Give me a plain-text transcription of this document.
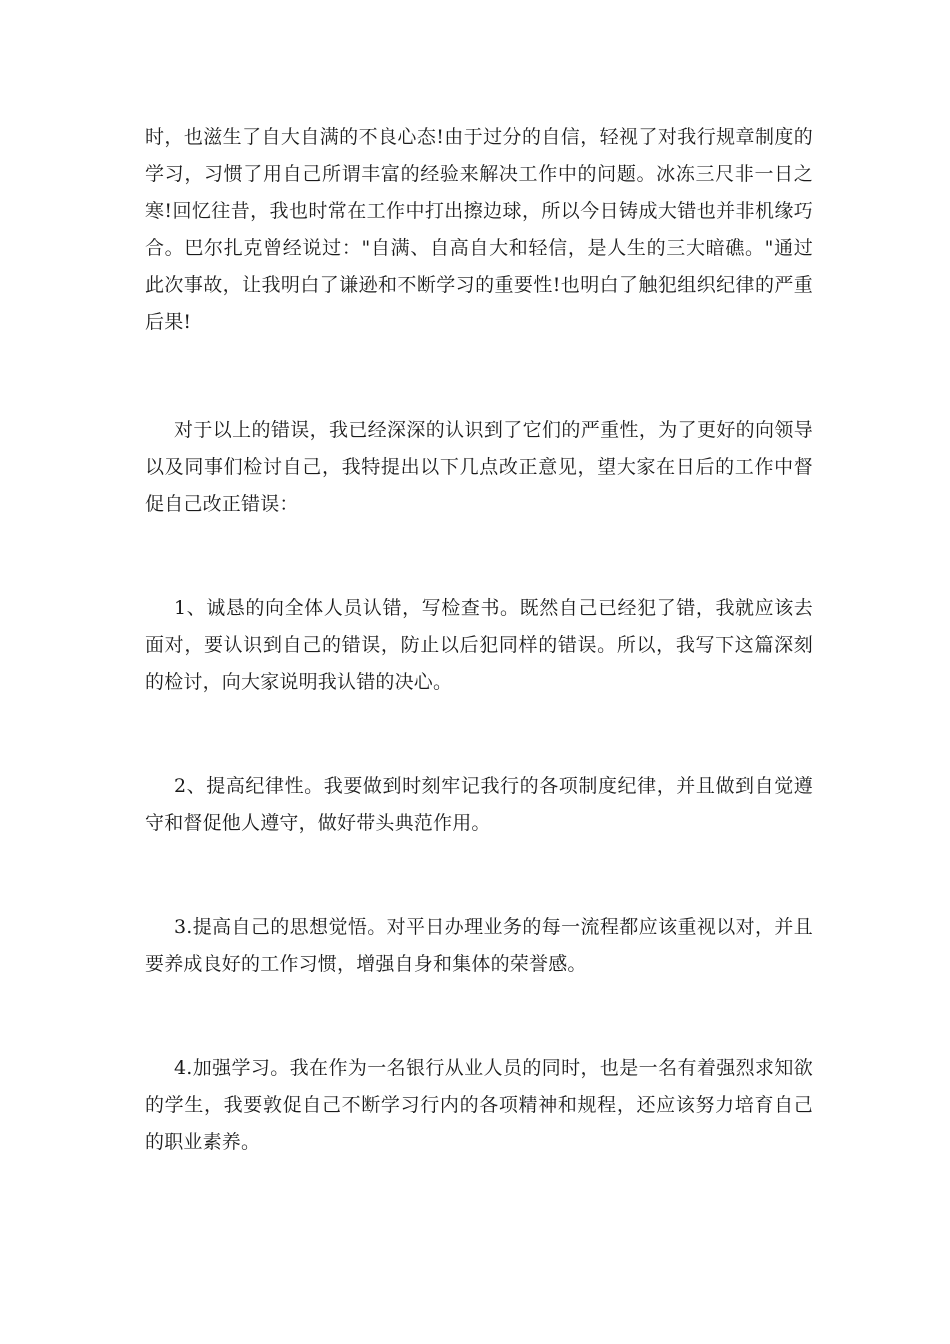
时，也滋生了自大自满的不良心态!由于过分的自信，轻视了对我行规章制度的学习，习惯了用自己所谓丰富的经验来解决工作中的问题。冰冻三尺非一日之寒!回忆往昔，我也时常在工作中打出擦边球，所以今日铸成大错也并非机缘巧合。巴尔扎克曾经说过："自满、自高自大和轻信，是人生的三大暗礁。"通过此次事故，让我明白了谦逊和不断学习的重要性!也明白了触犯组织纪律的严重后果!

对于以上的错误，我已经深深的认识到了它们的严重性，为了更好的向领导以及同事们检讨自己，我特提出以下几点改正意见，望大家在日后的工作中督促自己改正错误：

1、诚恳的向全体人员认错，写检查书。既然自己已经犯了错，我就应该去面对，要认识到自己的错误，防止以后犯同样的错误。所以，我写下这篇深刻的检讨，向大家说明我认错的决心。

2、提高纪律性。我要做到时刻牢记我行的各项制度纪律，并且做到自觉遵守和督促他人遵守，做好带头典范作用。

3.提高自己的思想觉悟。对平日办理业务的每一流程都应该重视以对，并且要养成良好的工作习惯，增强自身和集体的荣誉感。

4.加强学习。我在作为一名银行从业人员的同时，也是一名有着强烈求知欲的学生，我要敦促自己不断学习行内的各项精神和规程，还应该努力培育自己的职业素养。
